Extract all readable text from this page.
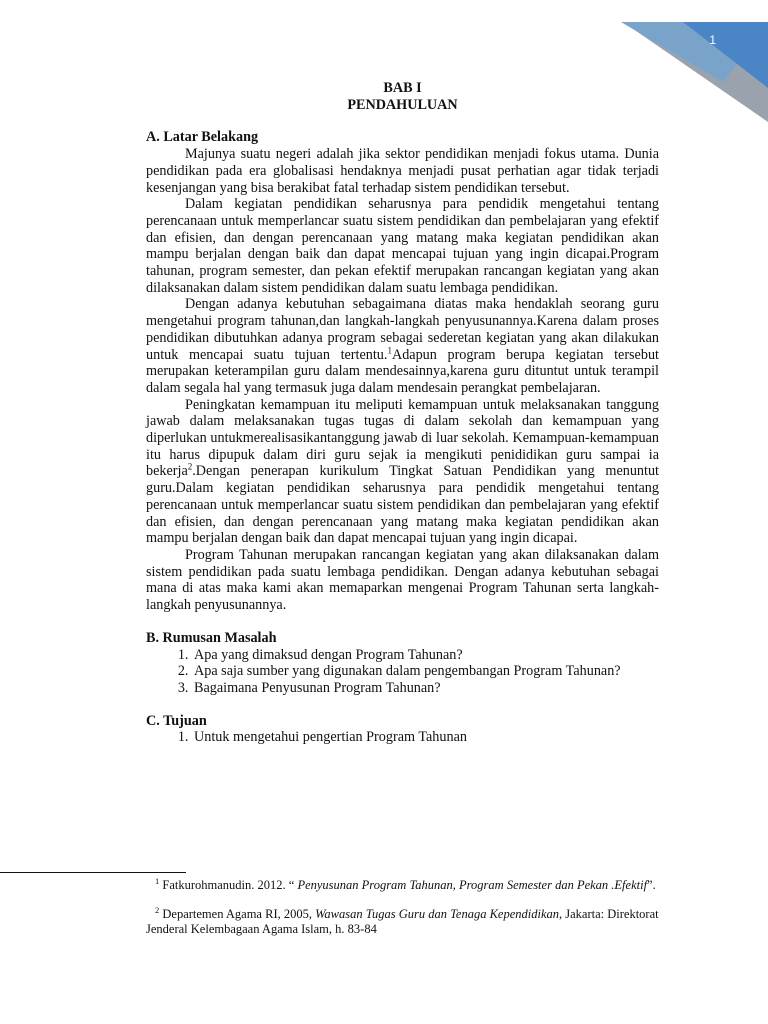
1

BAB I

PENDAHULUAN

A. Latar Belakang

Majunya suatu negeri adalah jika sektor pendidikan menjadi fokus utama. Dunia pendidikan pada era globalisasi hendaknya menjadi pusat perhatian agar tidak terjadi kesenjangan yang bisa berakibat fatal terhadap sistem pendidikan tersebut.

Dalam kegiatan pendidikan seharusnya para pendidik mengetahui tentang perencanaan untuk memperlancar suatu sistem pendidikan dan pembelajaran yang efektif dan efisien, dan dengan perencanaan yang matang maka kegiatan pendidikan akan mampu berjalan dengan baik dan dapat mencapai tujuan yang ingin dicapai.Program tahunan, program semester, dan pekan efektif merupakan rancangan kegiatan yang akan dilaksanakan dalam sistem pendidikan dalam suatu lembaga pendidikan.

Dengan adanya kebutuhan sebagaimana diatas maka hendaklah seorang guru mengetahui program tahunan,dan langkah-langkah penyusunannya.Karena dalam proses pendidikan dibutuhkan adanya program sebagai sederetan kegiatan yang akan dilakukan untuk mencapai suatu tujuan tertentu.$^1$Adapun program berupa kegiatan tersebut merupakan keterampilan guru dalam mendesainnya,karena guru dituntut untuk terampil dalam segala hal yang termasuk juga dalam mendesain perangkat pembelajaran.

Peningkatan kemampuan itu meliputi kemampuan untuk melaksanakan tanggung jawab dalam melaksanakan tugas tugas di dalam sekolah dan kemampuan yang diperlukan untukmerealisasikantanggung jawab di luar sekolah. Kemampuan-kemampuan itu harus dipupuk dalam diri guru sejak ia mengikuti penididikan guru sampai ia bekerja$^2$.Dengan penerapan kurikulum Tingkat Satuan Pendidikan yang menuntut guru.Dalam kegiatan pendidikan seharusnya para pendidik mengetahui tentang perencanaan untuk memperlancar suatu sistem pendidikan dan pembelajaran yang efektif dan efisien, dan dengan perencanaan yang matang maka kegiatan pendidikan akan mampu berjalan dengan baik dan dapat mencapai tujuan yang ingin dicapai.

Program Tahunan merupakan rancangan kegiatan yang akan dilaksanakan dalam sistem pendidikan pada suatu lembaga pendidikan. Dengan adanya kebutuhan sebagai mana di atas maka kami akan memaparkan mengenai Program Tahunan serta langkah-langkah penyusunannya.

B. Rumusan Masalah

1. Apa yang dimaksud dengan Program Tahunan?
2. Apa saja sumber yang digunakan dalam pengembangan Program Tahunan?
3. Bagaimana Penyusunan Program Tahunan?

C. Tujuan

1. Untuk mengetahui pengertian Program Tahunan
$^1$ Fatkurohmanudin. 2012. “ Penyusunan Program Tahunan, Program Semester dan Pekan .Efektif”.
$^2$ Departemen Agama RI, 2005, Wawasan Tugas Guru dan Tenaga Kependidikan, Jakarta: Direktorat Jenderal Kelembagaan Agama Islam, h. 83-84
